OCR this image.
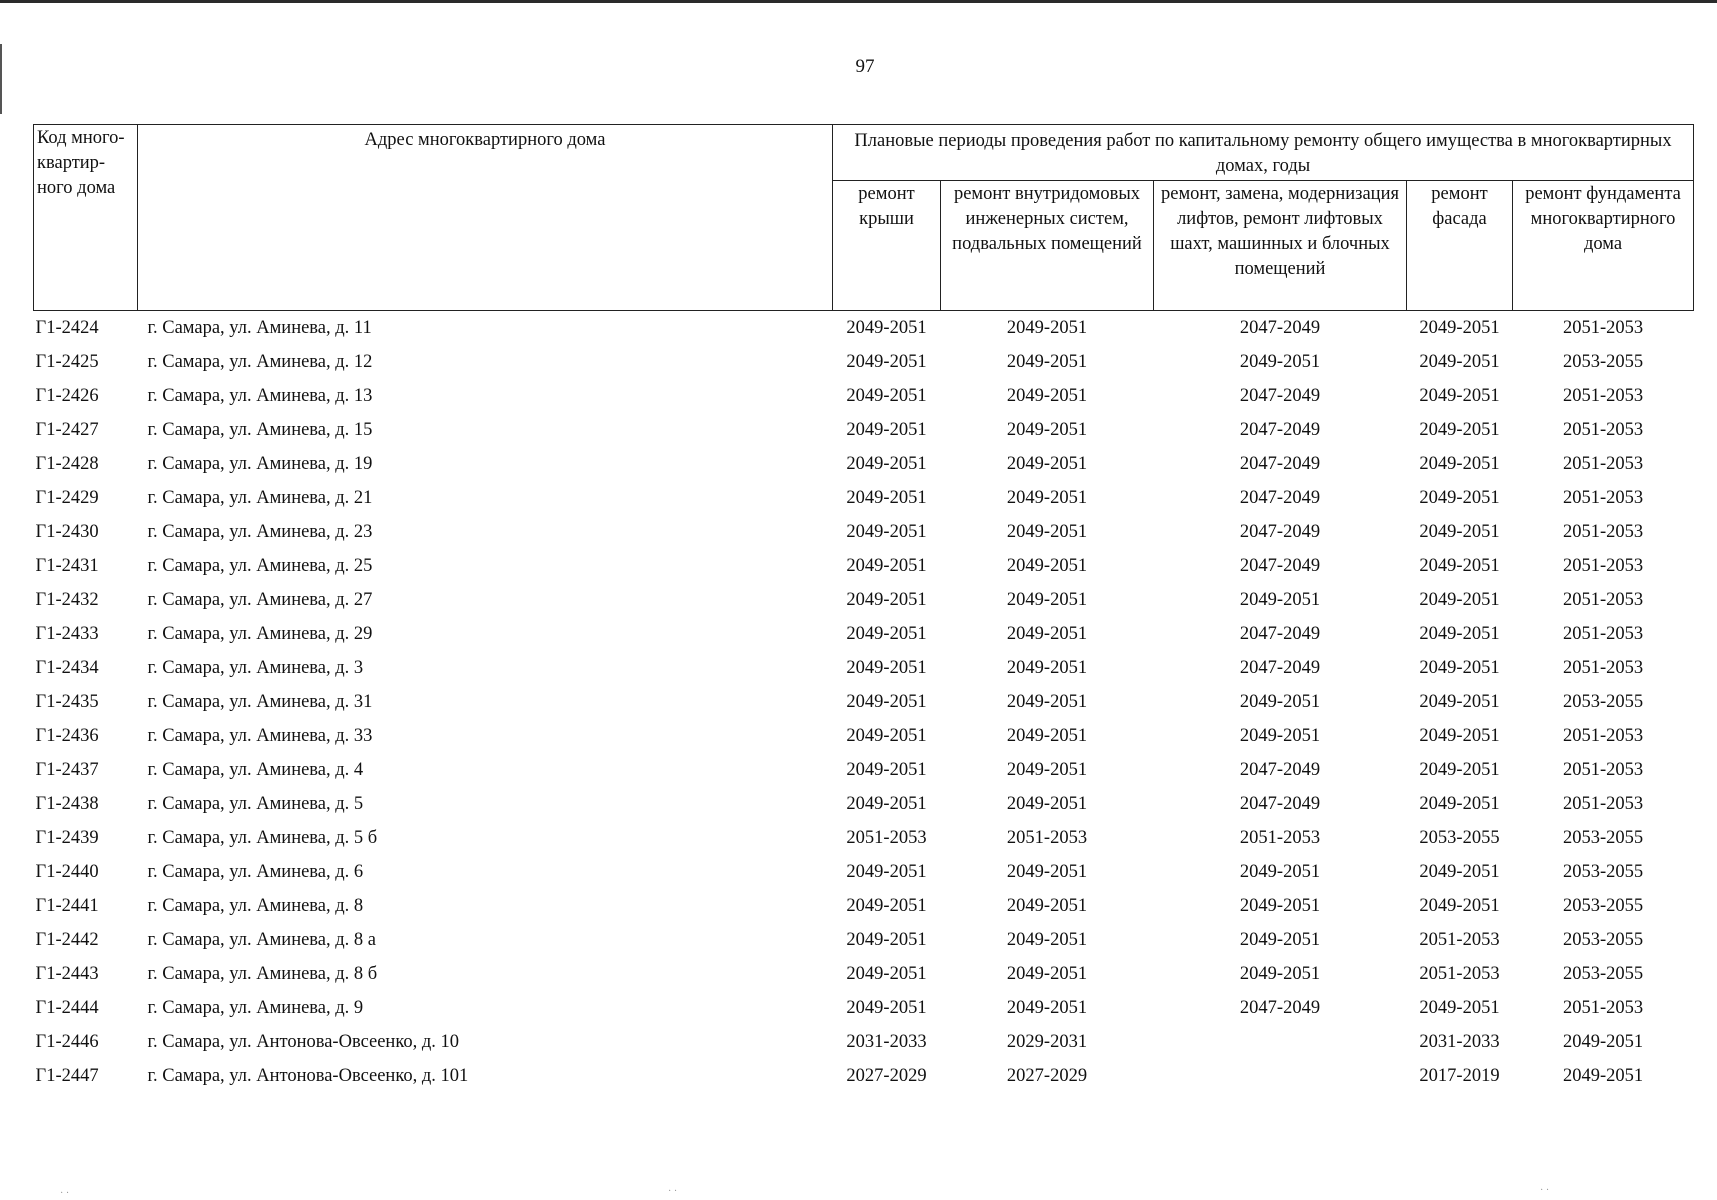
97
Код много-квартир-ного дома	Адрес многоквартирного дома	Плановые периоды проведения работ по капитальному ремонту общего имущества в многоквартирных домах, годы				
		ремонт крыши	ремонт внутридомовых инженерных систем, подвальных помещений	ремонт, замена, модернизация лифтов, ремонт лифтовых шахт, машинных и блочных помещений	ремонт фасада	ремонт фундамента многоквартирного дома
Г1-2424	г. Самара, ул. Аминева, д. 11	2049-2051	2049-2051	2047-2049	2049-2051	2051-2053
Г1-2425	г. Самара, ул. Аминева, д. 12	2049-2051	2049-2051	2049-2051	2049-2051	2053-2055
Г1-2426	г. Самара, ул. Аминева, д. 13	2049-2051	2049-2051	2047-2049	2049-2051	2051-2053
Г1-2427	г. Самара, ул. Аминева, д. 15	2049-2051	2049-2051	2047-2049	2049-2051	2051-2053
Г1-2428	г. Самара, ул. Аминева, д. 19	2049-2051	2049-2051	2047-2049	2049-2051	2051-2053
Г1-2429	г. Самара, ул. Аминева, д. 21	2049-2051	2049-2051	2047-2049	2049-2051	2051-2053
Г1-2430	г. Самара, ул. Аминева, д. 23	2049-2051	2049-2051	2047-2049	2049-2051	2051-2053
Г1-2431	г. Самара, ул. Аминева, д. 25	2049-2051	2049-2051	2047-2049	2049-2051	2051-2053
Г1-2432	г. Самара, ул. Аминева, д. 27	2049-2051	2049-2051	2049-2051	2049-2051	2051-2053
Г1-2433	г. Самара, ул. Аминева, д. 29	2049-2051	2049-2051	2047-2049	2049-2051	2051-2053
Г1-2434	г. Самара, ул. Аминева, д. 3	2049-2051	2049-2051	2047-2049	2049-2051	2051-2053
Г1-2435	г. Самара, ул. Аминева, д. 31	2049-2051	2049-2051	2049-2051	2049-2051	2053-2055
Г1-2436	г. Самара, ул. Аминева, д. 33	2049-2051	2049-2051	2049-2051	2049-2051	2051-2053
Г1-2437	г. Самара, ул. Аминева, д. 4	2049-2051	2049-2051	2047-2049	2049-2051	2051-2053
Г1-2438	г. Самара, ул. Аминева, д. 5	2049-2051	2049-2051	2047-2049	2049-2051	2051-2053
Г1-2439	г. Самара, ул. Аминева, д. 5 б	2051-2053	2051-2053	2051-2053	2053-2055	2053-2055
Г1-2440	г. Самара, ул. Аминева, д. 6	2049-2051	2049-2051	2049-2051	2049-2051	2053-2055
Г1-2441	г. Самара, ул. Аминева, д. 8	2049-2051	2049-2051	2049-2051	2049-2051	2053-2055
Г1-2442	г. Самара, ул. Аминева, д. 8 а	2049-2051	2049-2051	2049-2051	2051-2053	2053-2055
Г1-2443	г. Самара, ул. Аминева, д. 8 б	2049-2051	2049-2051	2049-2051	2051-2053	2053-2055
Г1-2444	г. Самара, ул. Аминева, д. 9	2049-2051	2049-2051	2047-2049	2049-2051	2051-2053
Г1-2446	г. Самара, ул. Антонова-Овсеенко, д. 10	2031-2033	2029-2031		2031-2033	2049-2051
Г1-2447	г. Самара, ул. Антонова-Овсеенко, д. 101	2027-2029	2027-2029		2017-2019	2049-2051
· ·	· ·	· ·
